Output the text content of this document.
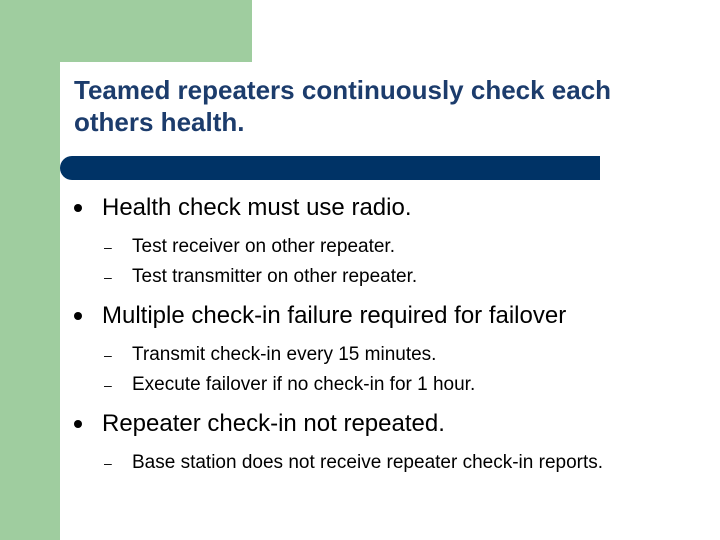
Teamed repeaters continuously check each others health.
Health check must use radio.
– Test receiver on other repeater.
– Test transmitter on other repeater.
Multiple check-in failure required for failover
– Transmit check-in every 15 minutes.
– Execute failover if no check-in for 1 hour.
Repeater check-in not repeated.
– Base station does not receive repeater check-in reports.
